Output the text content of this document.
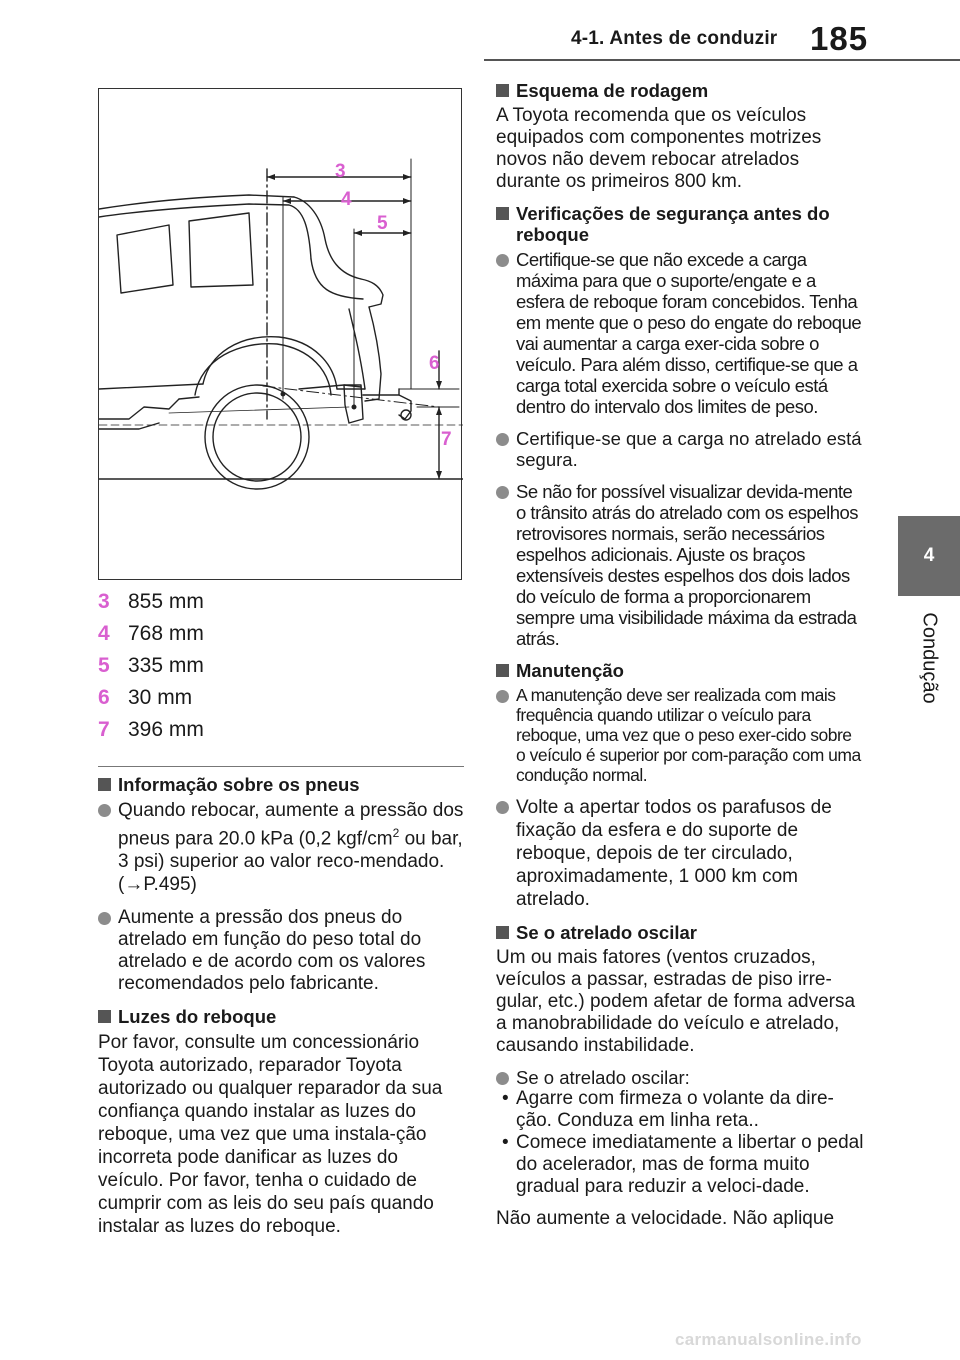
4-1. Antes de conduzir 185
4
Condução
3
4
5
6
7
3 855 mm
4 768 mm
5 335 mm
6 30 mm
7 396 mm
Informação sobre os pneus
Quando rebocar, aumente a pressão dos pneus para 20.0 kPa (0,2 kgf/$cm^2$ ou bar, 3 psi) superior ao valor reco-mendado. (→P.495)
Aumente a pressão dos pneus do atrelado em função do peso total do atrelado e de acordo com os valores recomendados pelo fabricante.
Luzes do reboque
Por favor, consulte um concessionário Toyota autorizado, reparador Toyota autorizado ou qualquer reparador da sua confiança quando instalar as luzes do reboque, uma vez que uma instala-ção incorreta pode danificar as luzes do veículo. Por favor, tenha o cuidado de cumprir com as leis do seu país quando instalar as luzes do reboque.
Esquema de rodagem
A Toyota recomenda que os veículos equipados com componentes motrizes novos não devem rebocar atrelados durante os primeiros 800 km.
Verificações de segurança antes do reboque
Certifique-se que não excede a carga máxima para que o suporte/engate e a esfera de reboque foram concebidos. Tenha em mente que o peso do engate do reboque vai aumentar a carga exer-cida sobre o veículo. Para além disso, certifique-se que a carga total exercida sobre o veículo está dentro do intervalo dos limites de peso.
Certifique-se que a carga no atrelado está segura.
Se não for possível visualizar devida-mente o trânsito atrás do atrelado com os espelhos retrovisores normais, serão necessários espelhos adicionais. Ajuste os braços extensíveis destes espelhos dos dois lados do veículo de forma a proporcionarem sempre uma visibilidade máxima da estrada atrás.
Manutenção
A manutenção deve ser realizada com mais frequência quando utilizar o veículo para reboque, uma vez que o peso exer-cido sobre o veículo é superior por com-paração com uma condução normal.
Volte a apertar todos os parafusos de fixação da esfera e do suporte de reboque, depois de ter circulado, aproximadamente, 1 000 km com atrelado.
Se o atrelado oscilar
Um ou mais fatores (ventos cruzados, veículos a passar, estradas de piso irre-gular, etc.) podem afetar de forma adversa a manobrabilidade do veículo e atrelado, causando instabilidade.
Se o atrelado oscilar:
• Agarre com firmeza o volante da dire-ção. Conduza em linha reta..
• Comece imediatamente a libertar o pedal do acelerador, mas de forma muito gradual para reduzir a veloci-dade.
Não aumente a velocidade. Não aplique
carmanualsonline.info
